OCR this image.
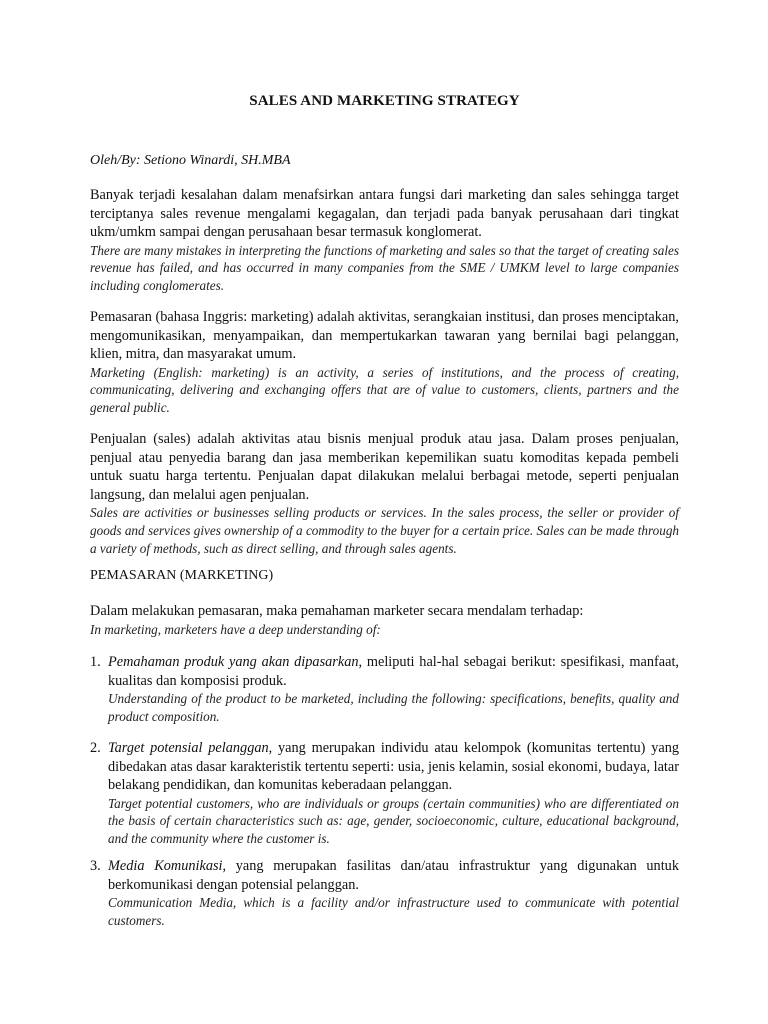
SALES AND MARKETING STRATEGY

Oleh/By: Setiono Winardi, SH.MBA

Banyak terjadi kesalahan dalam menafsirkan antara fungsi dari marketing dan sales sehingga target terciptanya sales revenue mengalami kegagalan, dan terjadi pada banyak perusahaan dari tingkat ukm/umkm sampai dengan perusahaan besar termasuk konglomerat.

There are many mistakes in interpreting the functions of marketing and sales so that the target of creating sales revenue has failed, and has occurred in many companies from the SME / UMKM level to large companies including conglomerates.

Pemasaran (bahasa Inggris: marketing) adalah aktivitas, serangkaian institusi, dan proses menciptakan, mengomunikasikan, menyampaikan, dan mempertukarkan tawaran yang bernilai bagi pelanggan, klien, mitra, dan masyarakat umum.

Marketing (English: marketing) is an activity, a series of institutions, and the process of creating, communicating, delivering and exchanging offers that are of value to customers, clients, partners and the general public.

Penjualan (sales) adalah aktivitas atau bisnis menjual produk atau jasa. Dalam proses penjualan, penjual atau penyedia barang dan jasa memberikan kepemilikan suatu komoditas kepada pembeli untuk suatu harga tertentu. Penjualan dapat dilakukan melalui berbagai metode, seperti penjualan langsung, dan melalui agen penjualan.

Sales are activities or businesses selling products or services. In the sales process, the seller or provider of goods and services gives ownership of a commodity to the buyer for a certain price. Sales can be made through a variety of methods, such as direct selling, and through sales agents.

PEMASARAN (MARKETING)

Dalam melakukan pemasaran, maka pemahaman marketer secara mendalam terhadap:

In marketing, marketers have a deep understanding of:

1. Pemahaman produk yang akan dipasarkan, meliputi hal-hal sebagai berikut: spesifikasi, manfaat, kualitas dan komposisi produk.

Understanding of the product to be marketed, including the following: specifications, benefits, quality and product composition.

2. Target potensial pelanggan, yang merupakan individu atau kelompok (komunitas tertentu) yang dibedakan atas dasar karakteristik tertentu seperti: usia, jenis kelamin, sosial ekonomi, budaya, latar belakang pendidikan, dan komunitas keberadaan pelanggan.

Target potential customers, who are individuals or groups (certain communities) who are differentiated on the basis of certain characteristics such as: age, gender, socioeconomic, culture, educational background, and the community where the customer is.

3. Media Komunikasi, yang merupakan fasilitas dan/atau infrastruktur yang digunakan untuk berkomunikasi dengan potensial pelanggan.

Communication Media, which is a facility and/or infrastructure used to communicate with potential customers.
